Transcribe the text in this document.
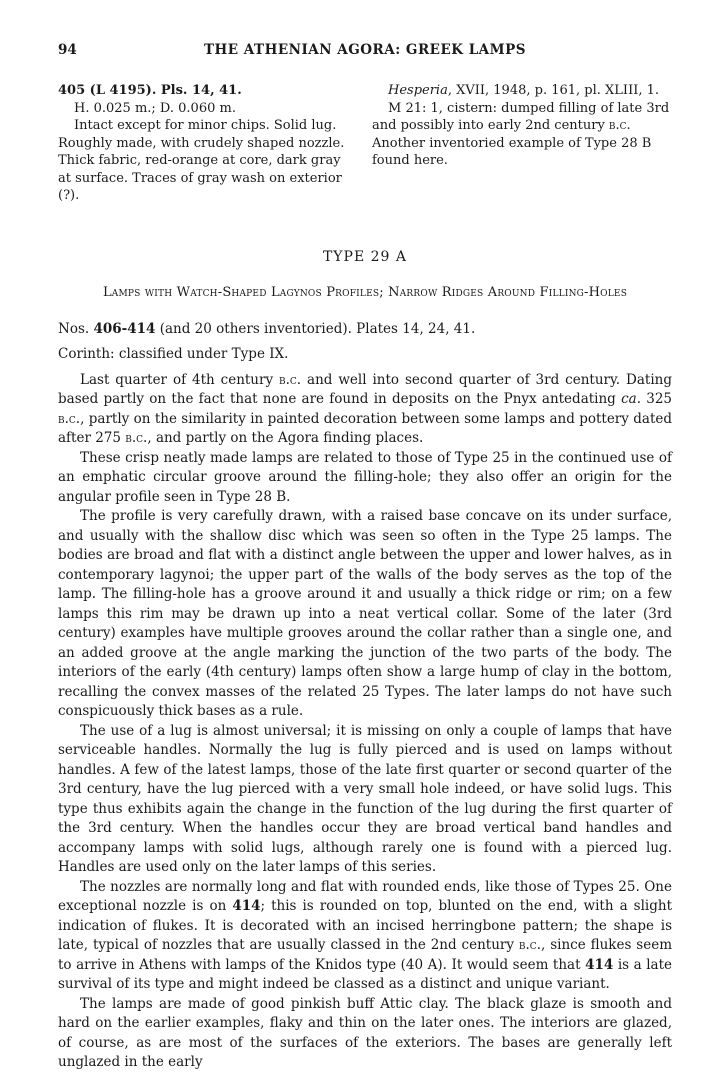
94	THE ATHENIAN AGORA: GREEK LAMPS

405 (L 4195). Pls. 14, 41.

H. 0.025 m.; D. 0.060 m.

Intact except for minor chips. Solid lug. Roughly made, with crudely shaped nozzle. Thick fabric, red-orange at core, dark gray at surface. Traces of gray wash on exterior (?).

Hesperia, XVII, 1948, p. 161, pl. XLIII, 1.

M 21: 1, cistern: dumped filling of late 3rd and possibly into early 2nd century b.c. Another inventoried example of Type 28 B found here.

TYPE 29 A
Lamps with Watch-Shaped Lagynos Profiles; Narrow Ridges Around Filling-Holes

Nos. 406-414 (and 20 others inventoried). Plates 14, 24, 41.

Corinth: classified under Type IX.

Last quarter of 4th century b.c. and well into second quarter of 3rd century. Dating based partly on the fact that none are found in deposits on the Pnyx antedating ca. 325 b.c., partly on the similarity in painted decoration between some lamps and pottery dated after 275 b.c., and partly on the Agora finding places.

These crisp neatly made lamps are related to those of Type 25 in the continued use of an emphatic circular groove around the filling-hole; they also offer an origin for the angular profile seen in Type 28 B.

The profile is very carefully drawn, with a raised base concave on its under surface, and usually with the shallow disc which was seen so often in the Type 25 lamps. The bodies are broad and flat with a distinct angle between the upper and lower halves, as in contemporary lagynoi; the upper part of the walls of the body serves as the top of the lamp. The filling-hole has a groove around it and usually a thick ridge or rim; on a few lamps this rim may be drawn up into a neat vertical collar. Some of the later (3rd century) examples have multiple grooves around the collar rather than a single one, and an added groove at the angle marking the junction of the two parts of the body. The interiors of the early (4th century) lamps often show a large hump of clay in the bottom, recalling the convex masses of the related 25 Types. The later lamps do not have such conspicuously thick bases as a rule.

The use of a lug is almost universal; it is missing on only a couple of lamps that have serviceable handles. Normally the lug is fully pierced and is used on lamps without handles. A few of the latest lamps, those of the late first quarter or second quarter of the 3rd century, have the lug pierced with a very small hole indeed, or have solid lugs. This type thus exhibits again the change in the function of the lug during the first quarter of the 3rd century. When the handles occur they are broad vertical band handles and accompany lamps with solid lugs, although rarely one is found with a pierced lug. Handles are used only on the later lamps of this series.

The nozzles are normally long and flat with rounded ends, like those of Types 25. One exceptional nozzle is on 414; this is rounded on top, blunted on the end, with a slight indication of flukes. It is decorated with an incised herringbone pattern; the shape is late, typical of nozzles that are usually classed in the 2nd century b.c., since flukes seem to arrive in Athens with lamps of the Knidos type (40 A). It would seem that 414 is a late survival of its type and might indeed be classed as a distinct and unique variant.

The lamps are made of good pinkish buff Attic clay. The black glaze is smooth and hard on the earlier examples, flaky and thin on the later ones. The interiors are glazed, of course, as are most of the surfaces of the exteriors. The bases are generally left unglazed in the early
